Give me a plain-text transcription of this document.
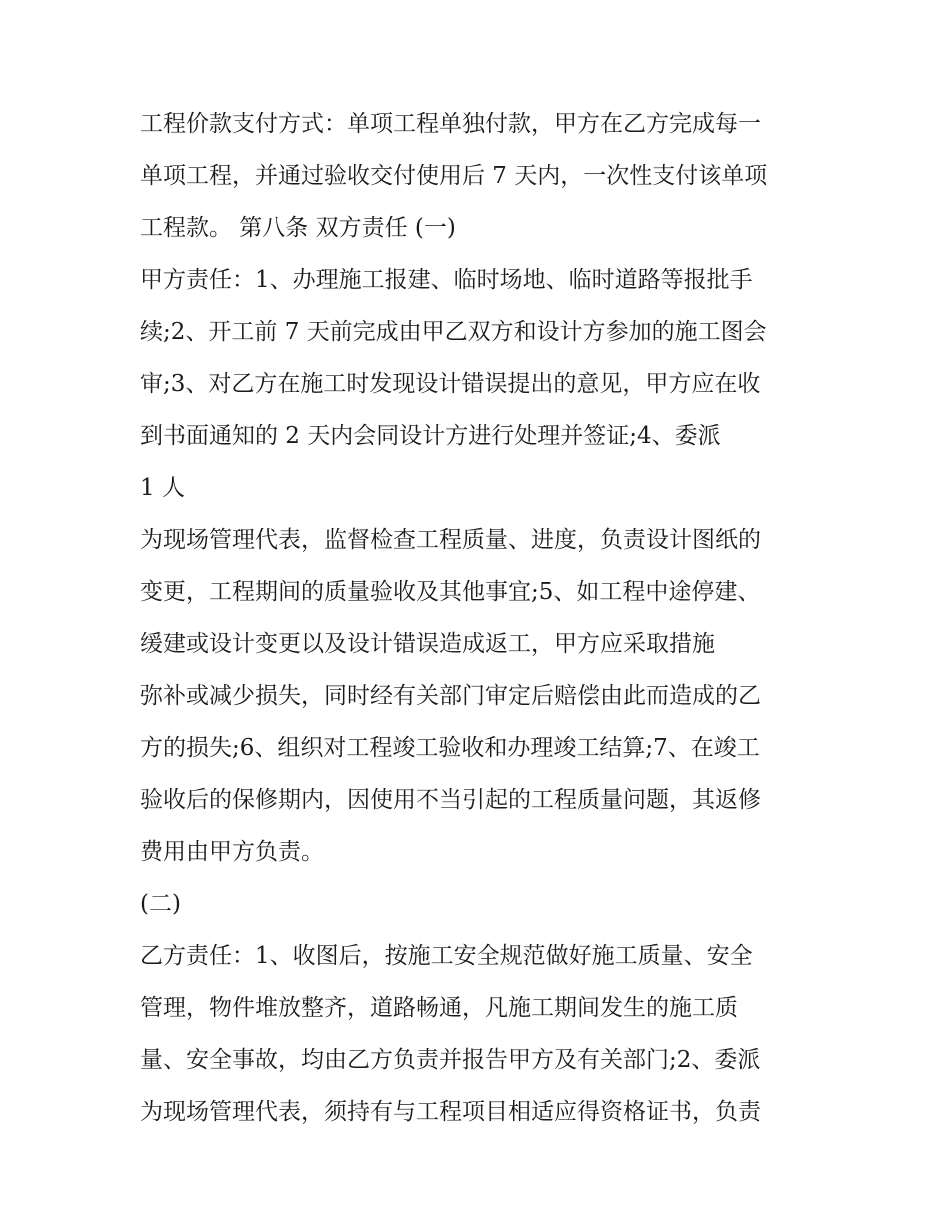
工程价款支付方式：单项工程单独付款，甲方在乙方完成每一
单项工程，并通过验收交付使用后 7 天内，一次性支付该单项
工程款。 第八条 双方责任 (一)
甲方责任：1、办理施工报建、临时场地、临时道路等报批手
续;2、开工前 7 天前完成由甲乙双方和设计方参加的施工图会
审;3、对乙方在施工时发现设计错误提出的意见，甲方应在收
到书面通知的 2 天内会同设计方进行处理并签证;4、委派
1 人
为现场管理代表，监督检查工程质量、进度，负责设计图纸的
变更，工程期间的质量验收及其他事宜;5、如工程中途停建、
缓建或设计变更以及设计错误造成返工，甲方应采取措施
弥补或减少损失，同时经有关部门审定后赔偿由此而造成的乙
方的损失;6、组织对工程竣工验收和办理竣工结算;7、在竣工
验收后的保修期内，因使用不当引起的工程质量问题，其返修
费用由甲方负责。
(二)
乙方责任：1、收图后，按施工安全规范做好施工质量、安全
管理，物件堆放整齐，道路畅通，凡施工期间发生的施工质
量、安全事故，均由乙方负责并报告甲方及有关部门;2、委派
为现场管理代表，须持有与工程项目相适应得资格证书，负责
